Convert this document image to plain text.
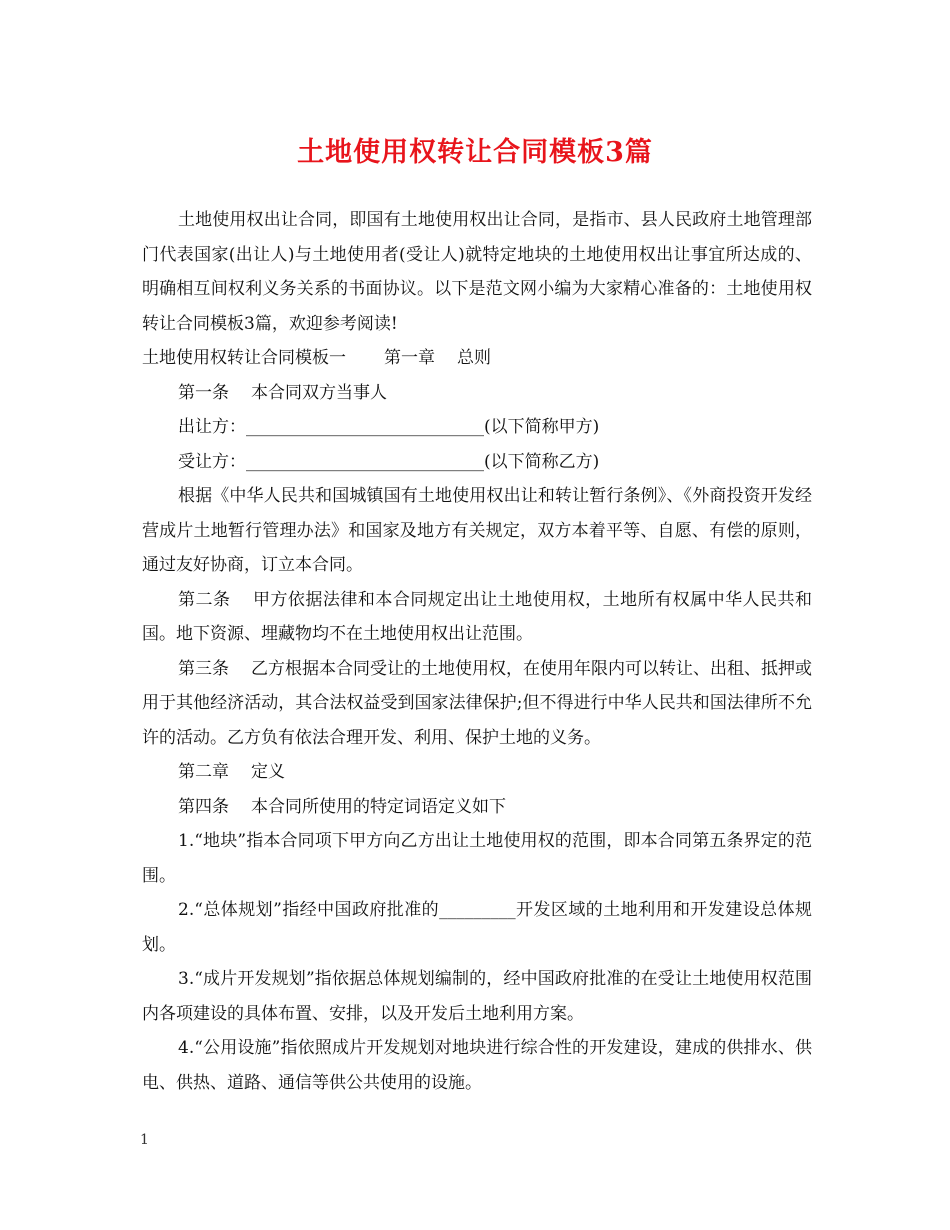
土地使用权转让合同模板3篇

土地使用权出让合同，即国有土地使用权出让合同，是指市、县人民政府土地管理部门代表国家(出让人)与土地使用者(受让人)就特定地块的土地使用权出让事宜所达成的、明确相互间权利义务关系的书面协议。以下是范文网小编为大家精心准备的：土地使用权转让合同模板3篇，欢迎参考阅读!

土地使用权转让合同模板一 第一章 总则

第一条 本合同双方当事人

出让方：____________________________(以下简称甲方)

受让方：____________________________(以下简称乙方)

根据《中华人民共和国城镇国有土地使用权出让和转让暂行条例》、《外商投资开发经营成片土地暂行管理办法》和国家及地方有关规定，双方本着平等、自愿、有偿的原则，通过友好协商，订立本合同。

第二条 甲方依据法律和本合同规定出让土地使用权，土地所有权属中华人民共和国。地下资源、埋藏物均不在土地使用权出让范围。

第三条 乙方根据本合同受让的土地使用权，在使用年限内可以转让、出租、抵押或用于其他经济活动，其合法权益受到国家法律保护;但不得进行中华人民共和国法律所不允许的活动。乙方负有依法合理开发、利用、保护土地的义务。

第二章 定义

第四条 本合同所使用的特定词语定义如下

1.“地块”指本合同项下甲方向乙方出让土地使用权的范围，即本合同第五条界定的范围。

2.“总体规划”指经中国政府批准的_________开发区域的土地利用和开发建设总体规划。

3.“成片开发规划”指依据总体规划编制的，经中国政府批准的在受让土地使用权范围内各项建设的具体布置、安排，以及开发后土地利用方案。

4.“公用设施”指依照成片开发规划对地块进行综合性的开发建设，建成的供排水、供电、供热、道路、通信等供公共使用的设施。

1
